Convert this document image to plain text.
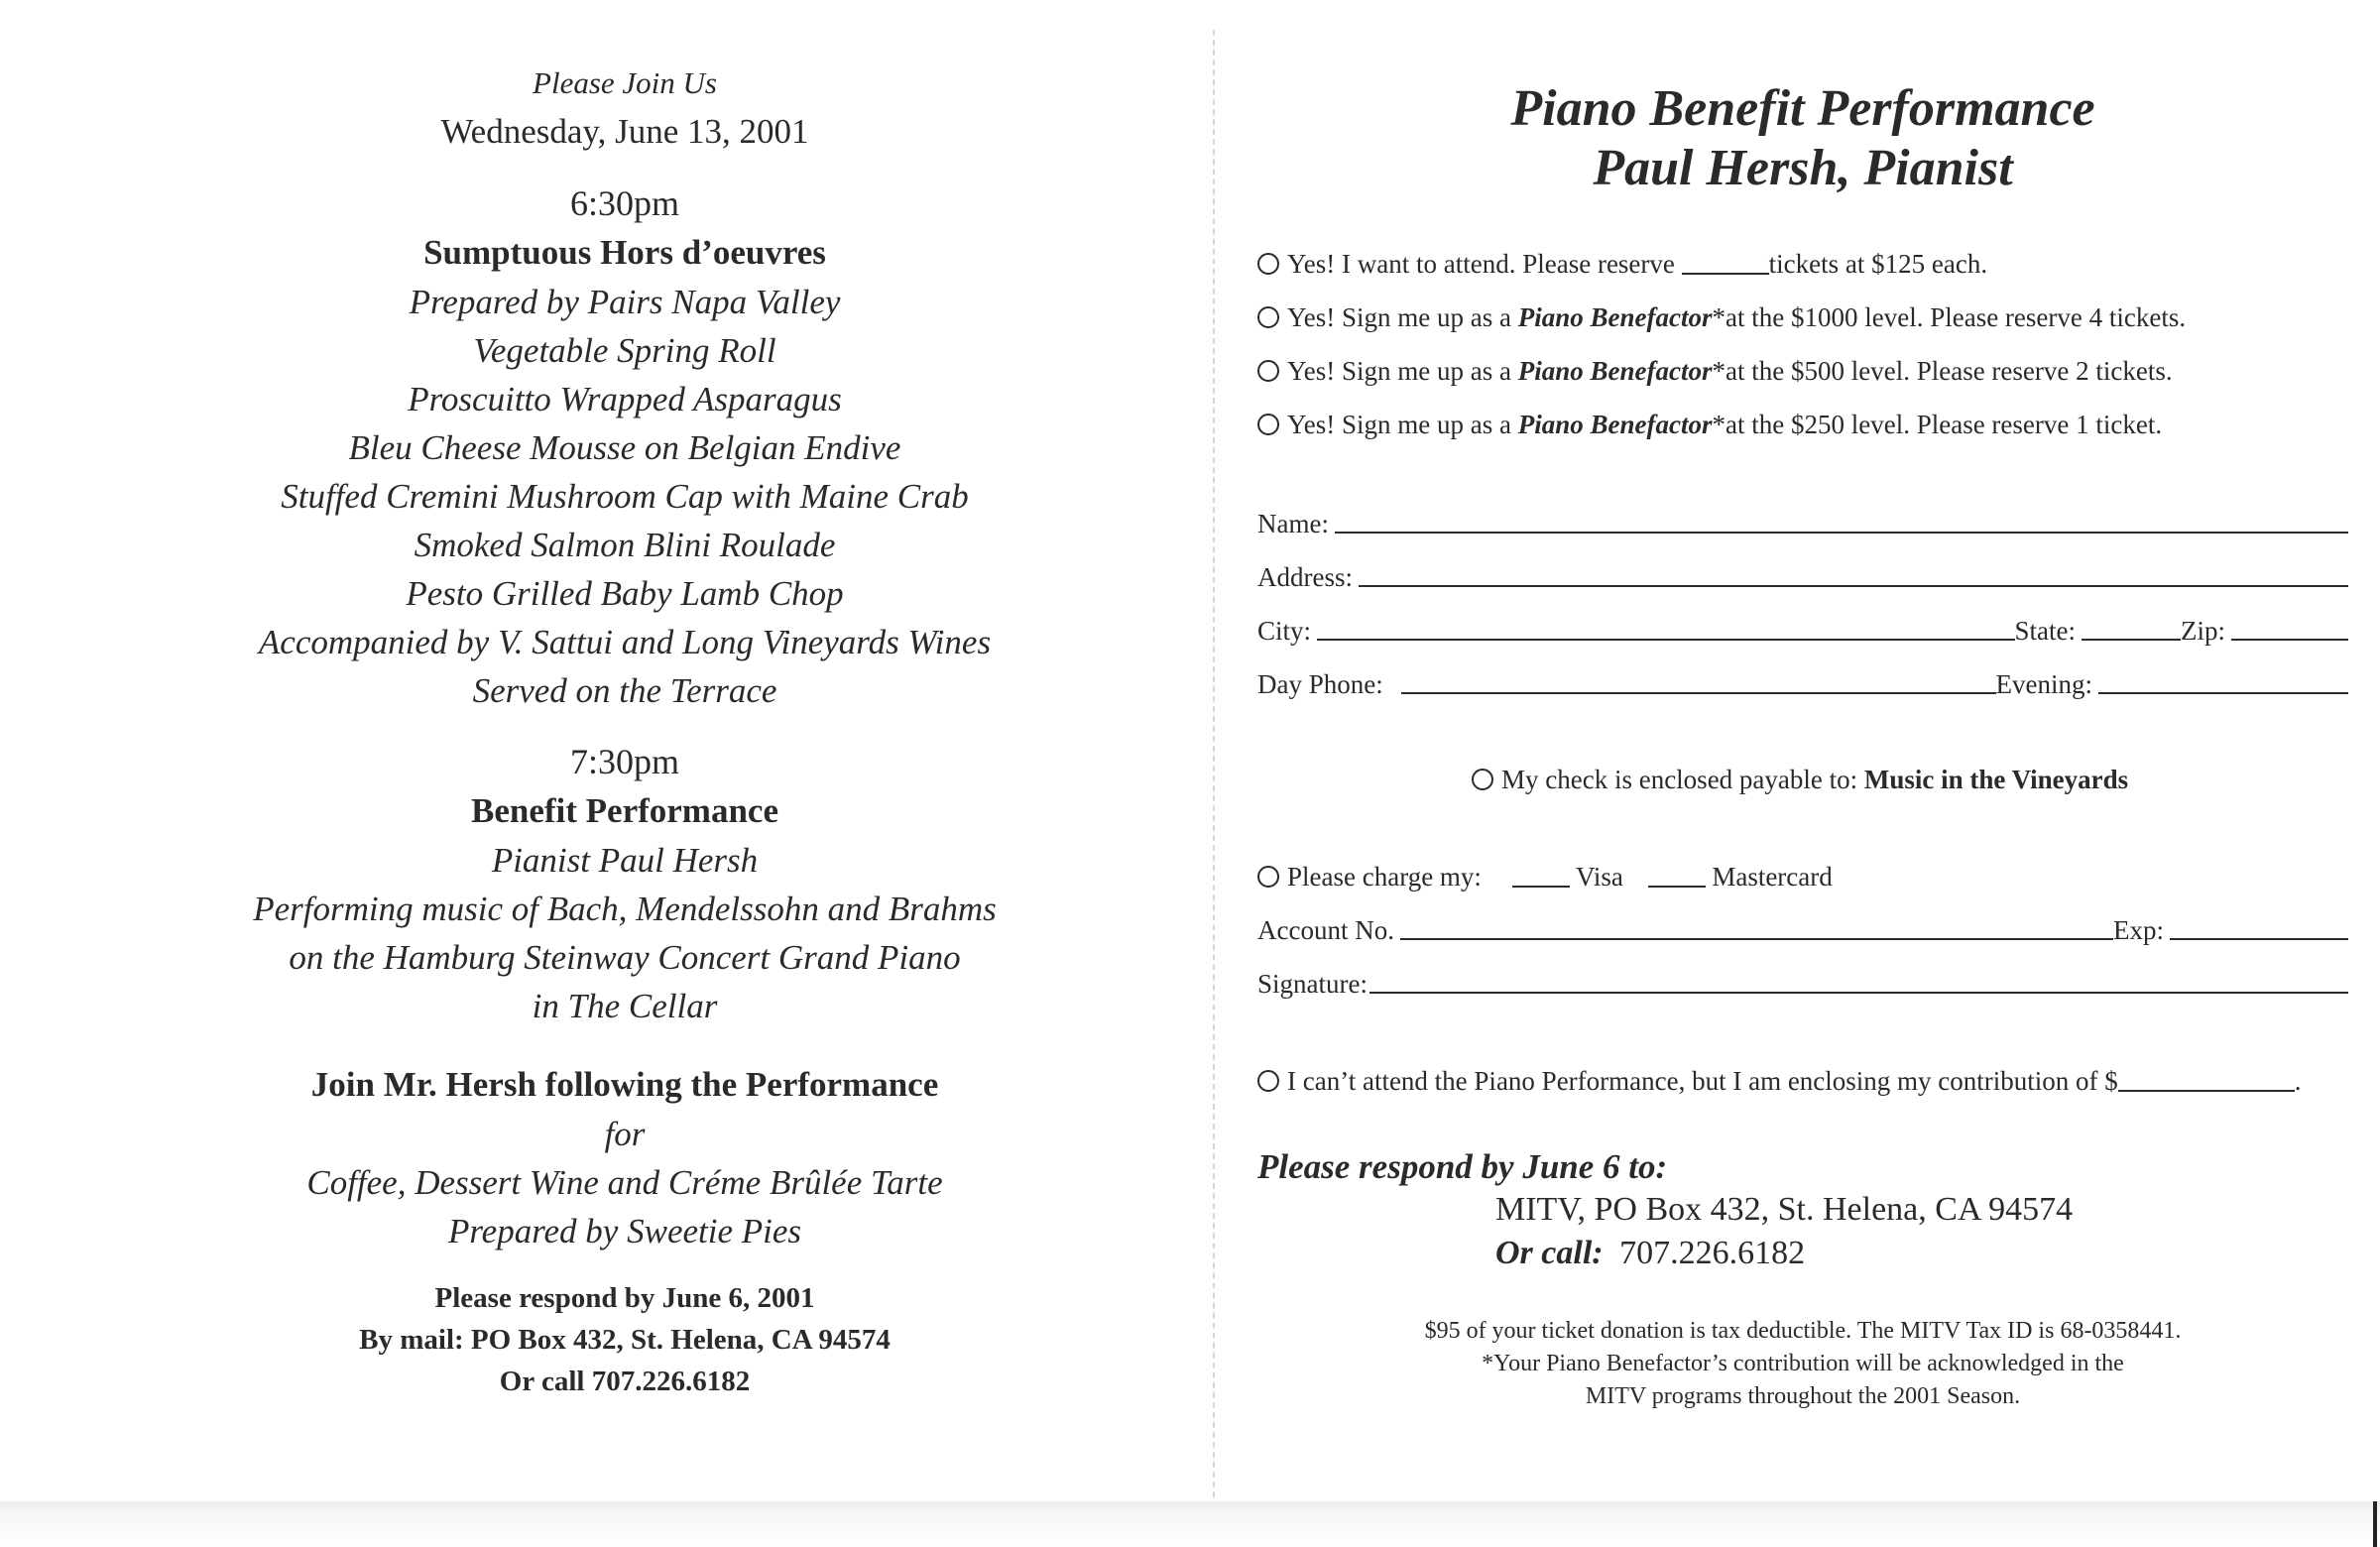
Please Join Us
Wednesday, June 13, 2001
6:30pm
Sumptuous Hors d’oeuvres
Prepared by Pairs Napa Valley
Vegetable Spring Roll
Proscuitto Wrapped Asparagus
Bleu Cheese Mousse on Belgian Endive
Stuffed Cremini Mushroom Cap with Maine Crab
Smoked Salmon Blini Roulade
Pesto Grilled Baby Lamb Chop
Accompanied by V. Sattui and Long Vineyards Wines
Served on the Terrace
7:30pm
Benefit Performance
Pianist Paul Hersh
Performing music of Bach, Mendelssohn and Brahms
on the Hamburg Steinway Concert Grand Piano
in The Cellar
Join Mr. Hersh following the Performance
for
Coffee, Dessert Wine and Créme Brûlée Tarte
Prepared by Sweetie Pies
Please respond by June 6, 2001
By mail: PO Box 432, St. Helena, CA 94574
Or call 707.226.6182
Piano Benefit Performance
Paul Hersh, Pianist
Yes! I want to attend. Please reserve	tickets at $125 each.
Yes! Sign me up as a Piano Benefactor*at the $1000 level. Please reserve 4 tickets.
Yes! Sign me up as a Piano Benefactor*at the $500 level. Please reserve 2 tickets.
Yes! Sign me up as a Piano Benefactor*at the $250 level. Please reserve 1 ticket.
Name:
Address:
City:	State:	Zip:
Day Phone:	Evening:
My check is enclosed payable to: Music in the Vineyards
Please charge my:	Visa	Mastercard
Account No.	Exp:
Signature:
I can’t attend the Piano Performance, but I am enclosing my contribution of $	.
Please respond by June 6 to:
MITV, PO Box 432, St. Helena, CA 94574
Or call: 707.226.6182
$95 of your ticket donation is tax deductible. The MITV Tax ID is 68-0358441.
*Your Piano Benefactor’s contribution will be acknowledged in the
MITV programs throughout the 2001 Season.
